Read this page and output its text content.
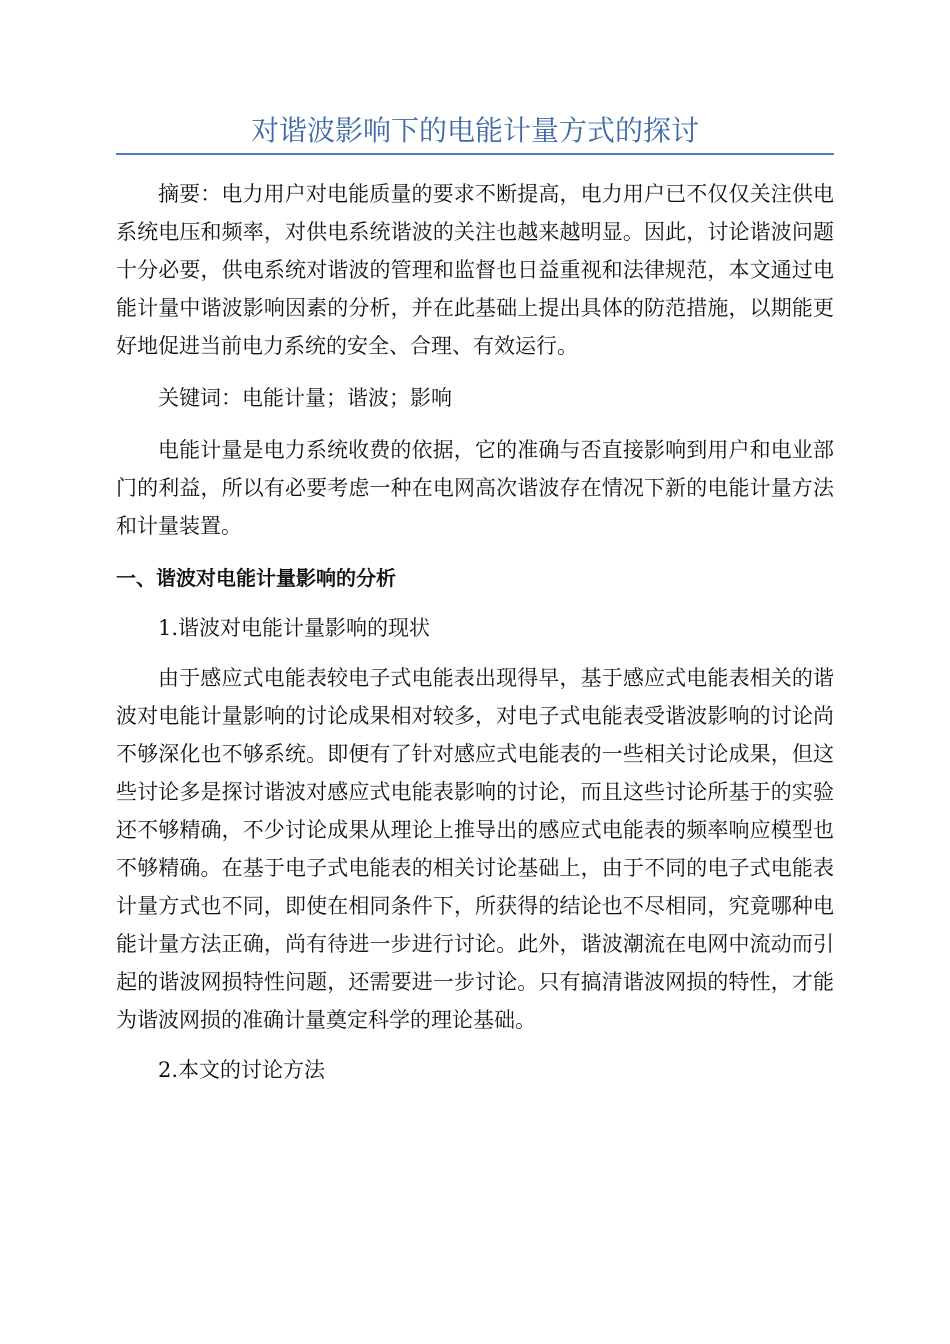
对谐波影响下的电能计量方式的探讨

摘要：电力用户对电能质量的要求不断提高，电力用户已不仅仅关注供电系统电压和频率，对供电系统谐波的关注也越来越明显。因此，讨论谐波问题十分必要，供电系统对谐波的管理和监督也日益重视和法律规范，本文通过电能计量中谐波影响因素的分析，并在此基础上提出具体的防范措施，以期能更好地促进当前电力系统的安全、合理、有效运行。

关键词：电能计量；谐波；影响

电能计量是电力系统收费的依据，它的准确与否直接影响到用户和电业部门的利益，所以有必要考虑一种在电网高次谐波存在情况下新的电能计量方法和计量装置。

一、谐波对电能计量影响的分析

1.谐波对电能计量影响的现状

由于感应式电能表较电子式电能表出现得早，基于感应式电能表相关的谐波对电能计量影响的讨论成果相对较多，对电子式电能表受谐波影响的讨论尚不够深化也不够系统。即便有了针对感应式电能表的一些相关讨论成果，但这些讨论多是探讨谐波对感应式电能表影响的讨论，而且这些讨论所基于的实验还不够精确，不少讨论成果从理论上推导出的感应式电能表的频率响应模型也不够精确。在基于电子式电能表的相关讨论基础上，由于不同的电子式电能表计量方式也不同，即使在相同条件下，所获得的结论也不尽相同，究竟哪种电能计量方法正确，尚有待进一步进行讨论。此外，谐波潮流在电网中流动而引起的谐波网损特性问题，还需要进一步讨论。只有搞清谐波网损的特性，才能为谐波网损的准确计量奠定科学的理论基础。

2.本文的讨论方法
